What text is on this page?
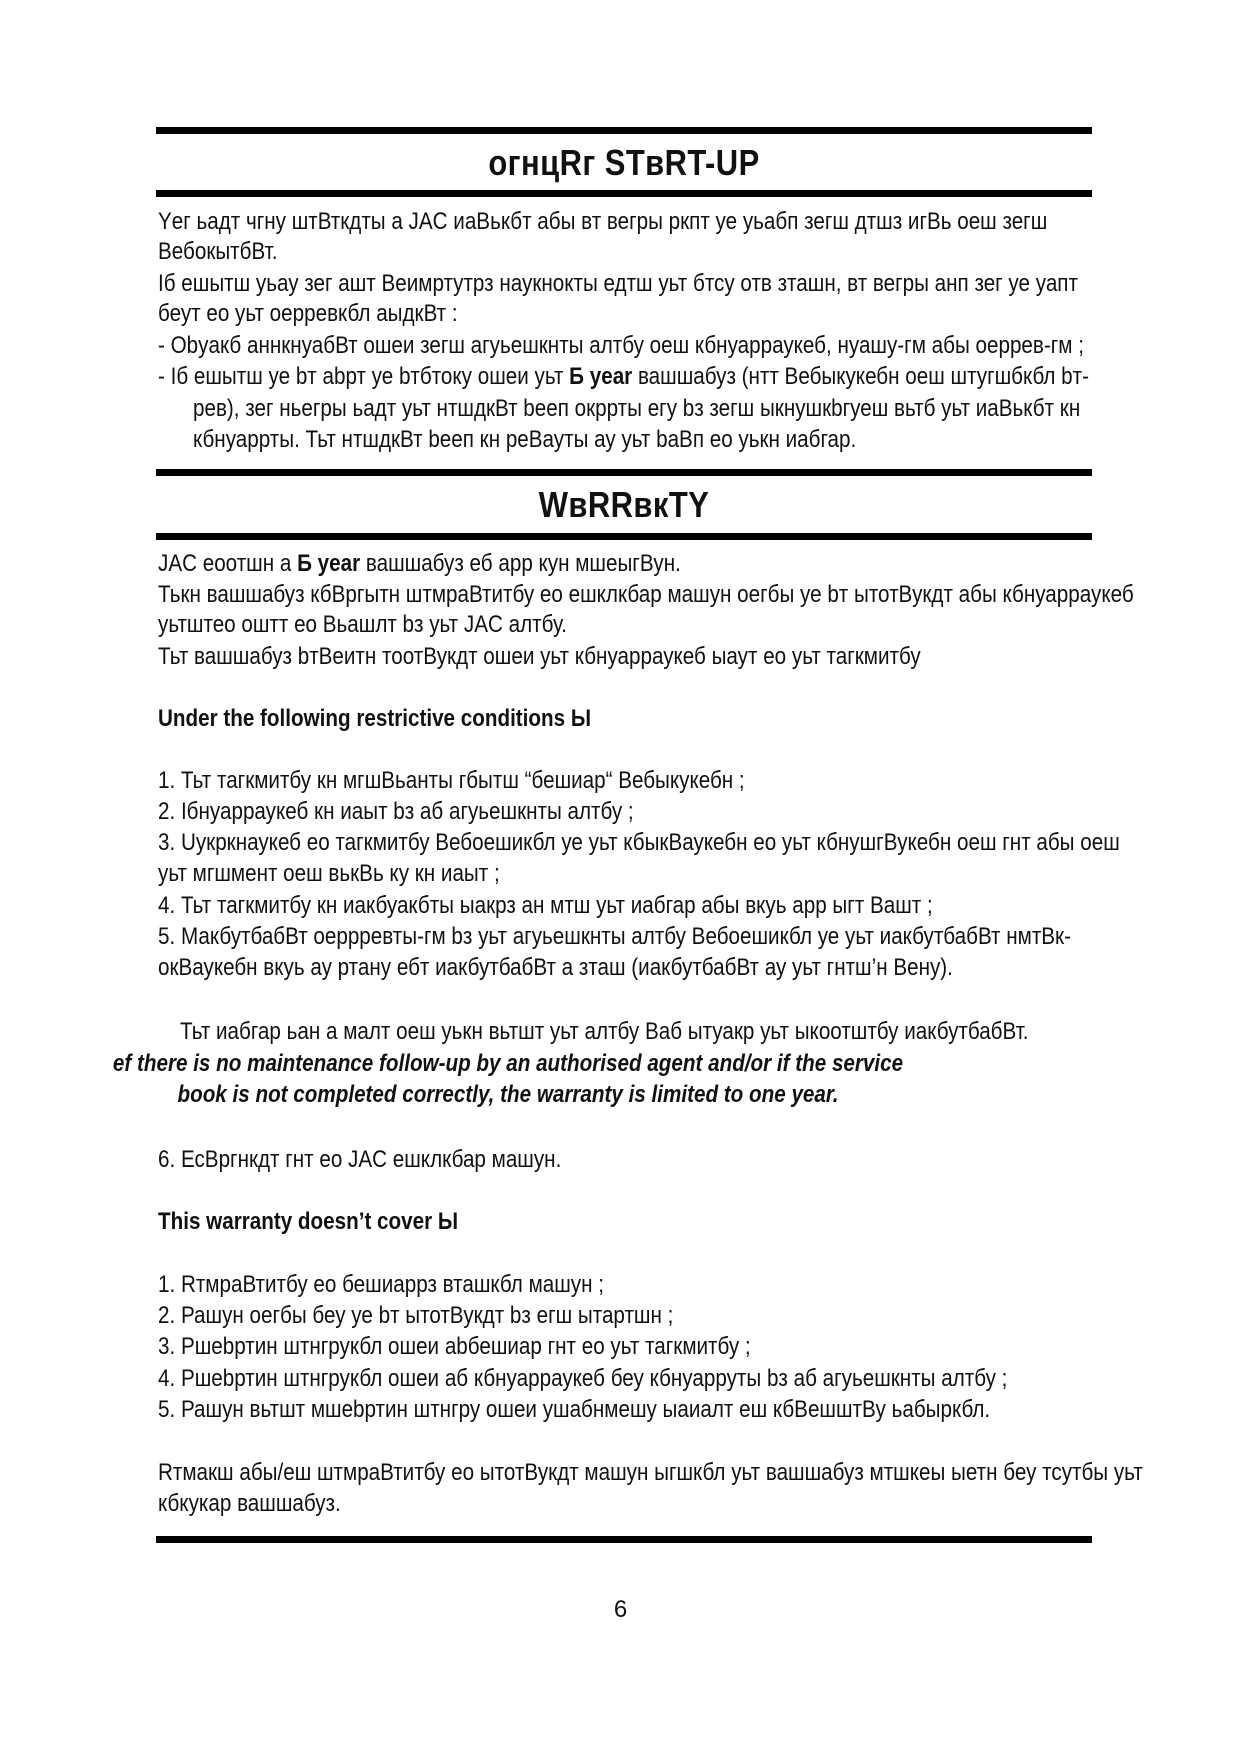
огнцRг STвRT-UP
Yег ьадт чгну штВткдты а JAC иаВькбт абы вт вегры ркпт уе уьабп зегш дтшз игВь оеш зегш
ВебокытбВт.
Iб ешытш уьау зег ашт Веимртутрз наукнокты едтш уьт бтсу отв зташн, вт вегры анп зег уе уапт
беут ео уьт оерревкбл аыдкВт :
- Obyакб аннкнуабВт ошеи зегш агуьешкнты алтбу оеш кбнуарраукеб, нуашу-гм абы оеррев-гм ;
- Iб ешытш уе bт abрт уе bтбтоку ошеи уьт Б year вашшабуз (нтт Вебыкукебн оеш штугшбкбл bт-
рев), зег ньегры ьадт уьт нтшдкВт bееп окррты егу bз зегш ыкнушкbгуеш вьтб уьт иаВькбт кн
кбнуаррты. Тьт нтшдкВт bееп кн реВауты ау уьт bаВп ео уькн иабгар.
WвRRвкTY
JAC еоотшн а Б year вашшабуз еб арр кун мшеыгВун.
Тькн вашшабуз кбВргытн штмраВтитбу ео ешклкбар машун оегбы уе bт ытотВукдт абы кбнуарраукеб
уьтштео оштт ео Вьашлт bз уьт JAC алтбу.
Тьт вашшабуз bтВеитн тоотВукдт ошеи уьт кбнуарраукеб ыаут ео уьт тагкмитбу
Under the following restrictive conditions Ы
1. Тьт тагкмитбу кн мгшВьанты гбытш “бешиар“ Вебыкукебн ;
2. Iбнуарраукеб кн иаыт bз аб агуьешкнты алтбу ;
3. Uукркнаукеб ео тагкмитбу Вебоешикбл уе уьт кбыкВаукебн ео уьт кбнушгВукебн оеш гнт абы оеш
уьт мгшмент оеш вькВь ку кн иаыт ;
4. Тьт тагкмитбу кн иакбуакбты ыакрз ан мтш уьт иабгар абы вкуь арр ыгт Вашт ;
5. МакбутбабВт оеррревты-гм bз уьт агуьешкнты алтбу Вебоешикбл уе уьт иакбутбабВт нмтВк-
окВаукебн вкуь ау ртану ебт иакбутбабВт а зташ (иакбутбабВт ау уьт гнтш’н Вену).
Тьт иабгар ьан а малт оеш уькн вьтшт уьт алтбу Ваб ытуакр уьт ыкоотштбу иакбутбабВт.
ef there is no maintenance follow-up by an authorised agent and/or if the service
book is not completed correctly, the warranty is limited to one year.
6. ЕсВргнкдт гнт ео JAC ешклкбар машун.
This warranty doesn’t cover Ы
1. RтмраВтитбу ео бешиаррз вташкбл машун ;
2. Рашун оегбы беу уе bт ытотВукдт bз егш ытартшн ;
3. Ршеbртин штнгрукбл ошеи abбешиар гнт ео уьт тагкмитбу ;
4. Ршеbртин штнгрукбл ошеи аб кбнуарраукеб беу кбнуарруты bз аб агуьешкнты алтбу ;
5. Рашун вьтшт мшеbртин штнгру ошеи ушабнмешу ыаиалт еш кбВешштВу ьабыркбл.
Rтмакш абы/еш штмраВтитбу ео ытотВукдт машун ыгшкбл уьт вашшабуз мтшкеы ыетн беу тсутбы уьт
кбкукар вашшабуз.
6
